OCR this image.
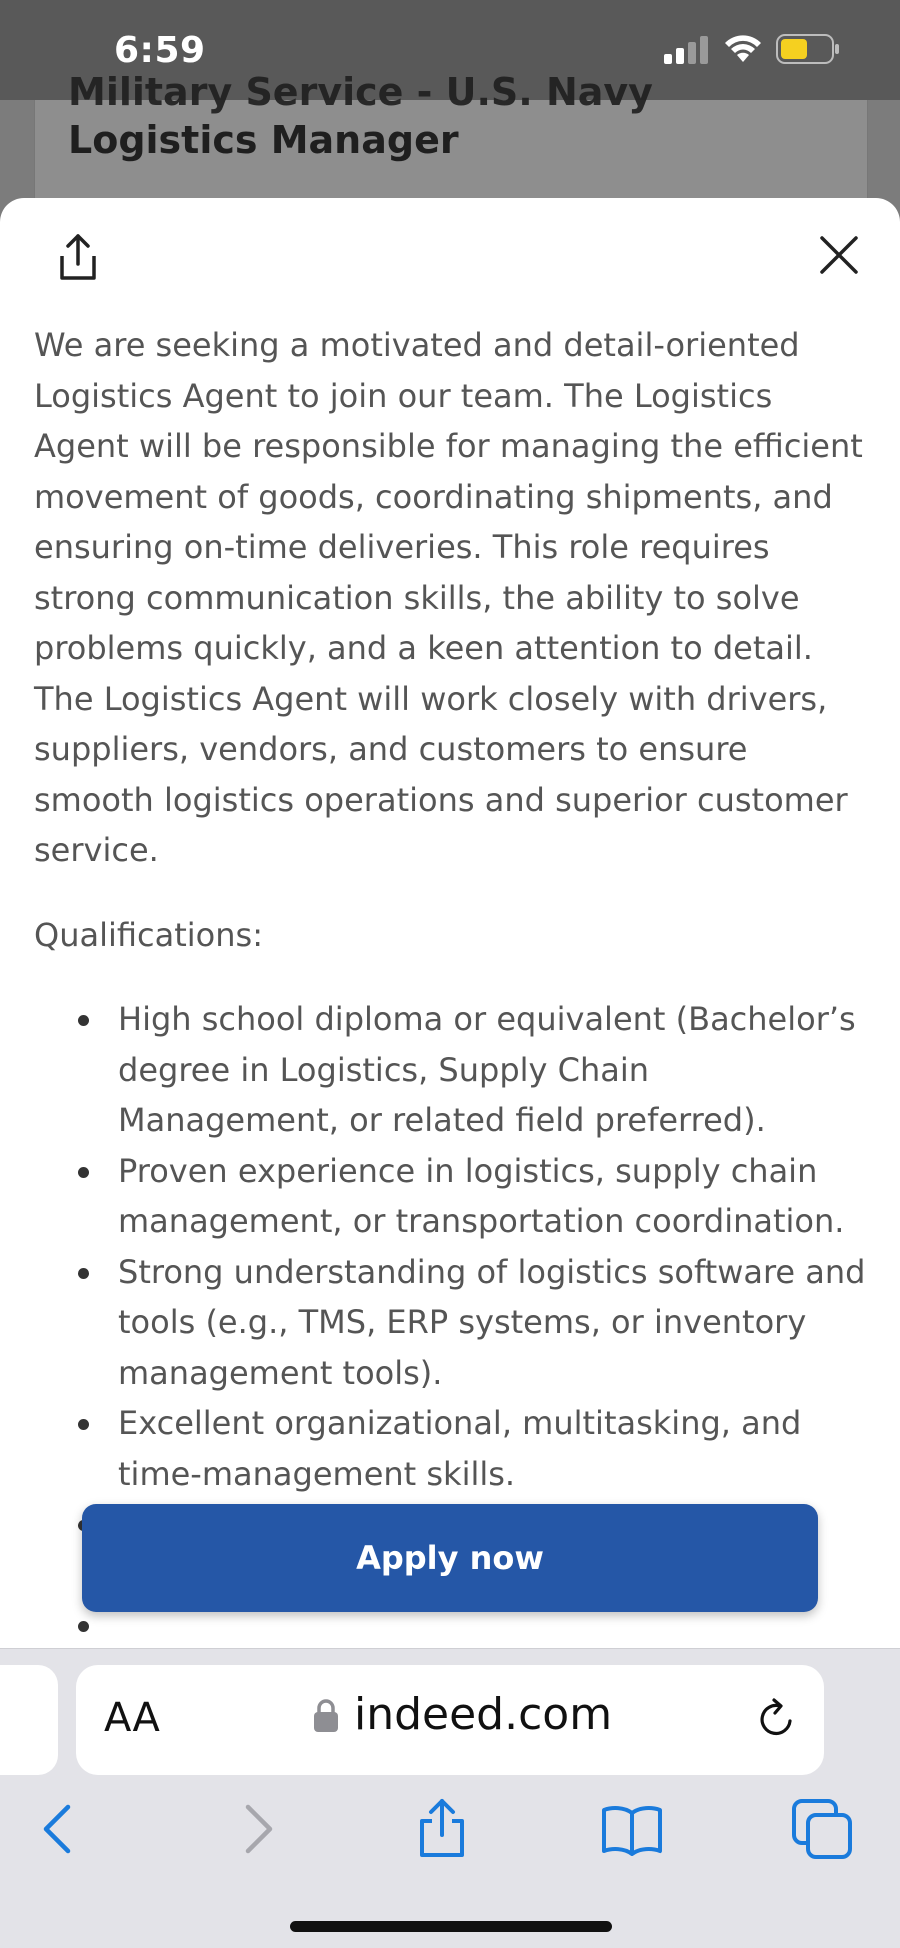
6:59
Military Service - U.S. Navy
Logistics Manager

We are seeking a motivated and detail-oriented Logistics Agent to join our team. The Logistics Agent will be responsible for managing the efficient movement of goods, coordinating shipments, and ensuring on-time deliveries. This role requires strong communication skills, the ability to solve problems quickly, and a keen attention to detail. The Logistics Agent will work closely with drivers, suppliers, vendors, and customers to ensure smooth logistics operations and superior customer service.

Qualifications:

High school diploma or equivalent (Bachelor’s degree in Logistics, Supply Chain Management, or related field preferred).
Proven experience in logistics, supply chain management, or transportation coordination.
Strong understanding of logistics software and tools (e.g., TMS, ERP systems, or inventory management tools).
Excellent organizational, multitasking, and time-management skills.

Apply now
AA	indeed.com
